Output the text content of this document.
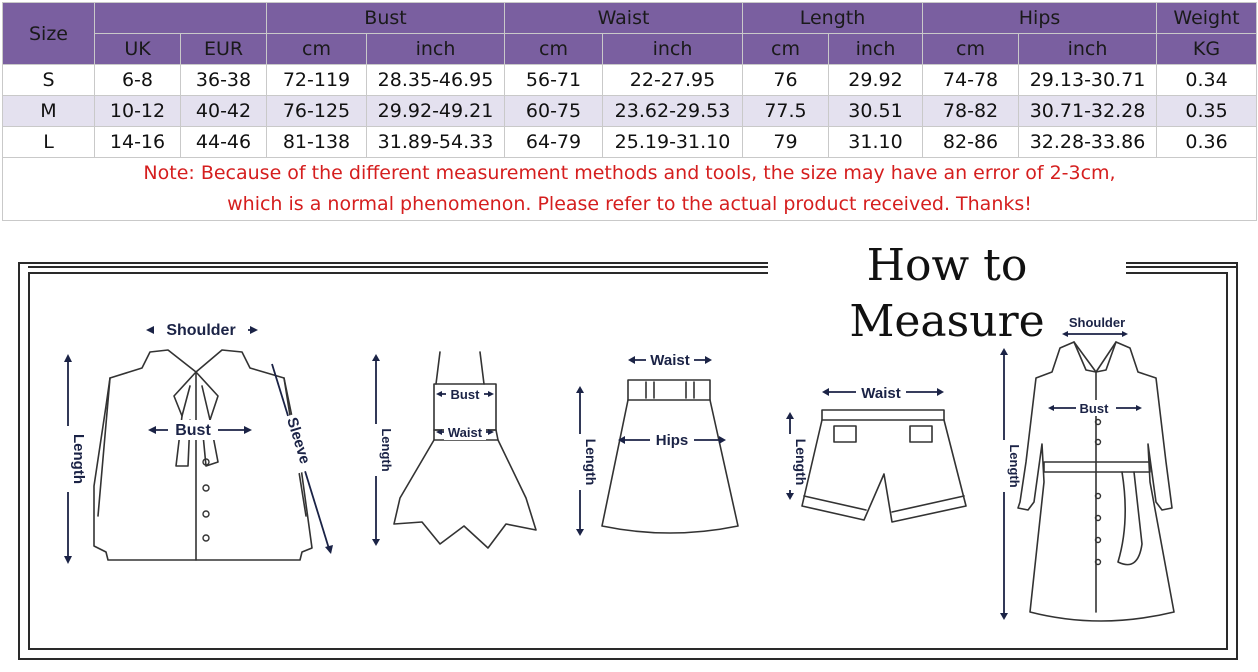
Size			Bust		Waist		Length		Hips		Weight
	UK	EUR	cm	inch	cm	inch	cm	inch	cm	inch	KG
S	6-8	36-38	72-119	28.35-46.95	56-71	22-27.95	76	29.92	74-78	29.13-30.71	0.34
M	10-12	40-42	76-125	29.92-49.21	60-75	23.62-29.53	77.5	30.51	78-82	30.71-32.28	0.35
L	14-16	44-46	81-138	31.89-54.33	64-79	25.19-31.10	79	31.10	82-86	32.28-33.86	0.36
Note: Because of the different measurement methods and tools, the size may have an error of 2-3cm,
which is a normal phenomenon. Please refer to the actual product received. Thanks!											
How to Measure
Shoulder
Bust
Length	Sleeve
Bust
Waist
Length
Waist
Hips
Length
Waist
Length
Shoulder
Bust
Length
